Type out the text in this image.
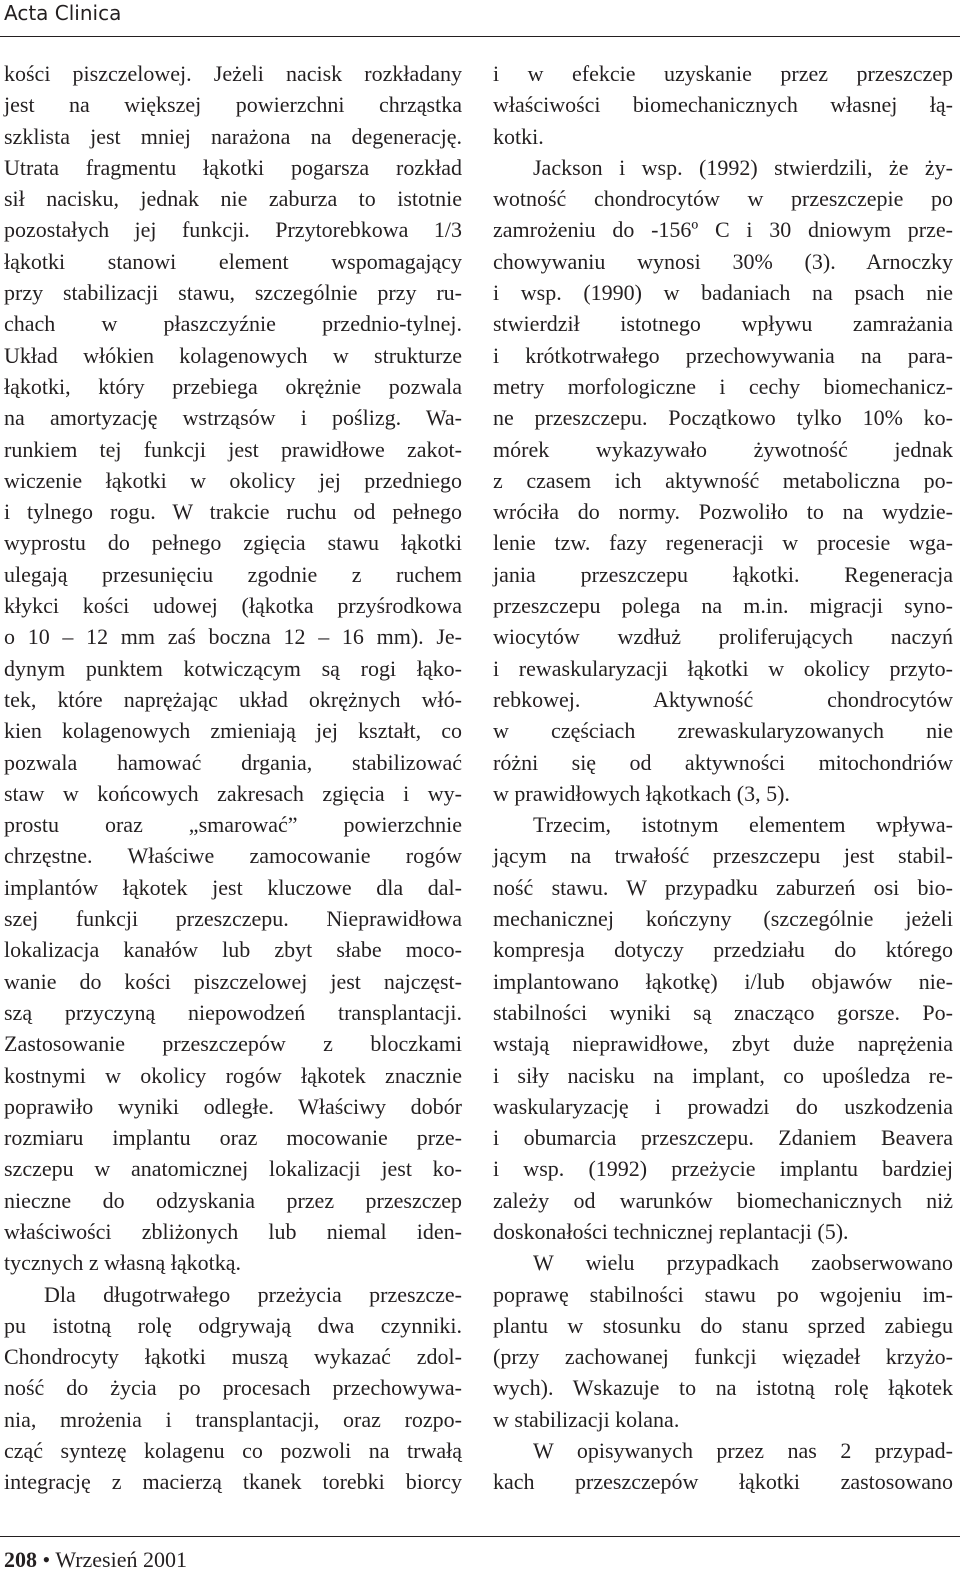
Acta Clinica
kości piszczelowej. Jeżeli nacisk rozkładany
jest na większej powierzchni chrząstka
szklista jest mniej narażona na degenerację.
Utrata fragmentu łąkotki pogarsza rozkład
sił nacisku, jednak nie zaburza to istotnie
pozostałych jej funkcji. Przytorebkowa 1/3
łąkotki stanowi element wspomagający
przy stabilizacji stawu, szczególnie przy ru-
chach w płaszczyźnie przednio-tylnej.
Układ włókien kolagenowych w strukturze
łąkotki, który przebiega okrężnie pozwala
na amortyzację wstrząsów i poślizg. Wa-
runkiem tej funkcji jest prawidłowe zakot-
wiczenie łąkotki w okolicy jej przedniego
i tylnego rogu. W trakcie ruchu od pełnego
wyprostu do pełnego zgięcia stawu łąkotki
ulegają przesunięciu zgodnie z ruchem
kłykci kości udowej (łąkotka przyśrodkowa
o 10 – 12 mm zaś boczna 12 – 16 mm). Je-
dynym punktem kotwiczącym są rogi łąko-
tek, które naprężając układ okrężnych włó-
kien kolagenowych zmieniają jej kształt, co
pozwala hamować drgania, stabilizować
staw w końcowych zakresach zgięcia i wy-
prostu oraz „smarować” powierzchnie
chrzęstne. Właściwe zamocowanie rogów
implantów łąkotek jest kluczowe dla dal-
szej funkcji przeszczepu. Nieprawidłowa
lokalizacja kanałów lub zbyt słabe moco-
wanie do kości piszczelowej jest najczęst-
szą przyczyną niepowodzeń transplantacji.
Zastosowanie przeszczepów z bloczkami
kostnymi w okolicy rogów łąkotek znacznie
poprawiło wyniki odległe. Właściwy dobór
rozmiaru implantu oraz mocowanie prze-
szczepu w anatomicznej lokalizacji jest ko-
nieczne do odzyskania przez przeszczep
właściwości zbliżonych lub niemal iden-
tycznych z własną łąkotką.
Dla długotrwałego przeżycia przeszcze-
pu istotną rolę odgrywają dwa czynniki.
Chondrocyty łąkotki muszą wykazać zdol-
ność do życia po procesach przechowywa-
nia, mrożenia i transplantacji, oraz rozpo-
cząć syntezę kolagenu co pozwoli na trwałą
integrację z macierzą tkanek torebki biorcy
i w efekcie uzyskanie przez przeszczep
właściwości biomechanicznych własnej łą-
kotki.
Jackson i wsp. (1992) stwierdzili, że ży-
wotność chondrocytów w przeszczepie po
zamrożeniu do -156º C i 30 dniowym prze-
chowywaniu wynosi 30% (3). Arnoczky
i wsp. (1990) w badaniach na psach nie
stwierdził istotnego wpływu zamrażania
i krótkotrwałego przechowywania na para-
metry morfologiczne i cechy biomechanicz-
ne przeszczepu. Początkowo tylko 10% ko-
mórek wykazywało żywotność jednak
z czasem ich aktywność metaboliczna po-
wróciła do normy. Pozwoliło to na wydzie-
lenie tzw. fazy regeneracji w procesie wga-
jania przeszczepu łąkotki. Regeneracja
przeszczepu polega na m.in. migracji syno-
wiocytów wzdłuż proliferujących naczyń
i rewaskularyzacji łąkotki w okolicy przyto-
rebkowej. Aktywność chondrocytów
w częściach zrewaskularyzowanych nie
różni się od aktywności mitochondriów
w prawidłowych łąkotkach (3, 5).
Trzecim, istotnym elementem wpływa-
jącym na trwałość przeszczepu jest stabil-
ność stawu. W przypadku zaburzeń osi bio-
mechanicznej kończyny (szczególnie jeżeli
kompresja dotyczy przedziału do którego
implantowano łąkotkę) i/lub objawów nie-
stabilności wyniki są znacząco gorsze. Po-
wstają nieprawidłowe, zbyt duże naprężenia
i siły nacisku na implant, co upośledza re-
waskularyzację i prowadzi do uszkodzenia
i obumarcia przeszczepu. Zdaniem Beavera
i wsp. (1992) przeżycie implantu bardziej
zależy od warunków biomechanicznych niż
doskonałości technicznej replantacji (5).
W wielu przypadkach zaobserwowano
poprawę stabilności stawu po wgojeniu im-
plantu w stosunku do stanu sprzed zabiegu
(przy zachowanej funkcji więzadeł krzyżo-
wych). Wskazuje to na istotną rolę łąkotek
w stabilizacji kolana.
W opisywanych przez nas 2 przypad-
kach przeszczepów łąkotki zastosowano
208 • Wrzesień 2001
